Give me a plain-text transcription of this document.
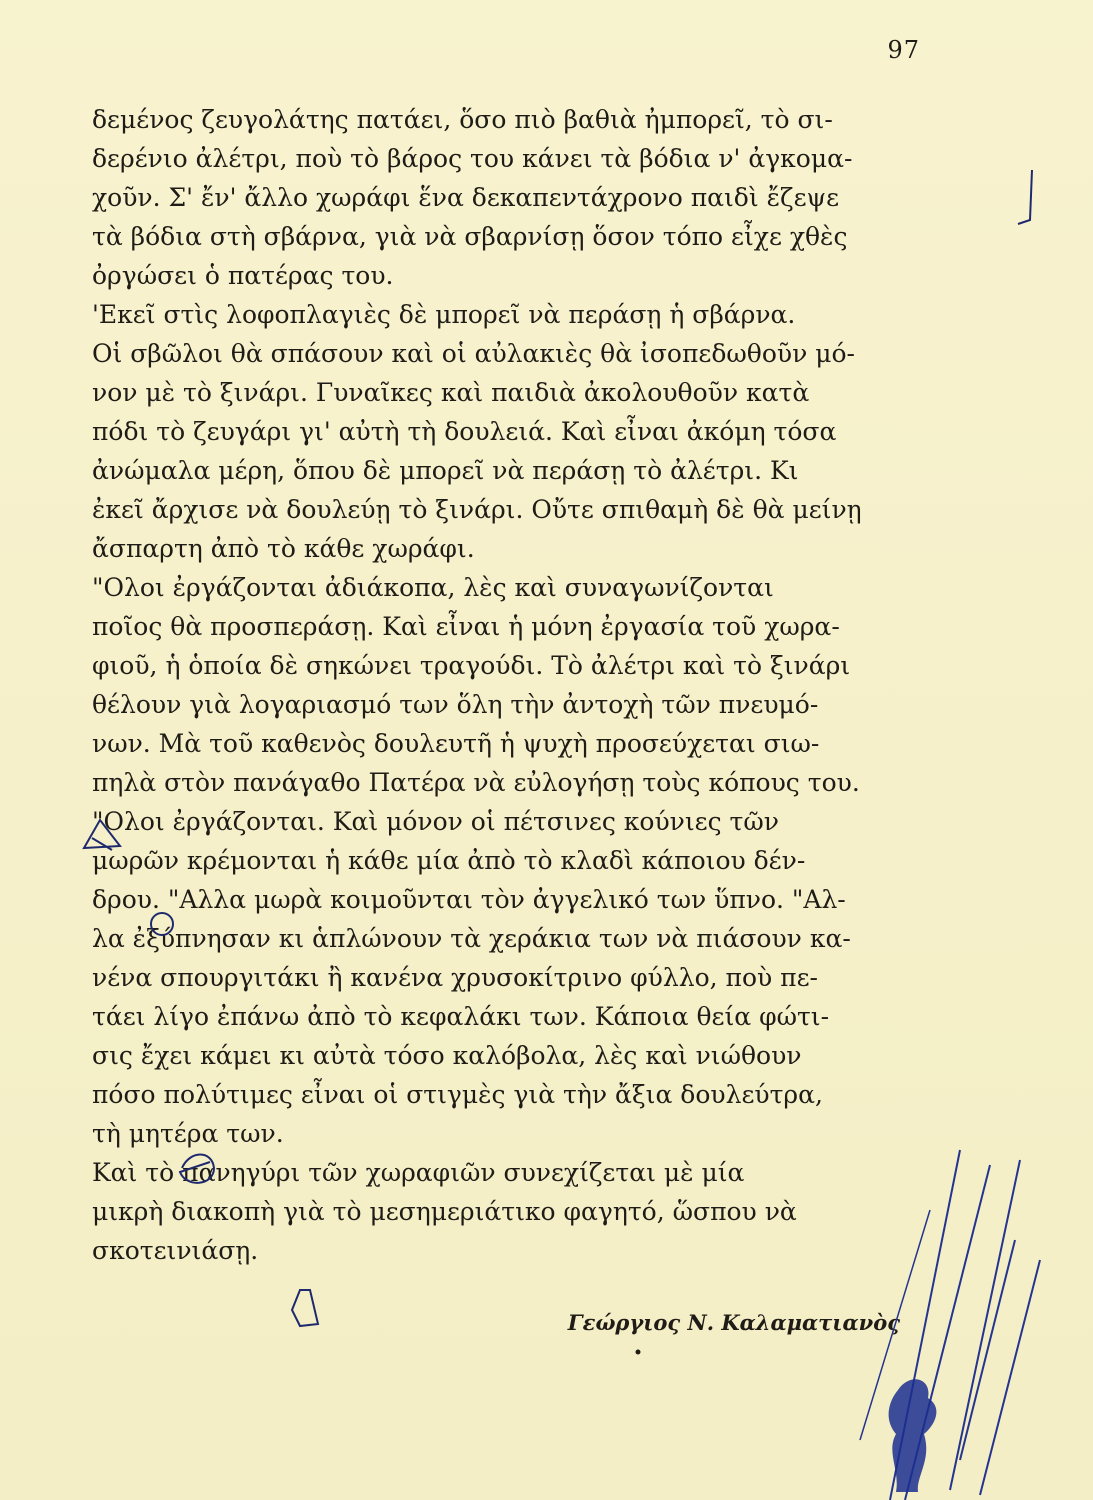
97
δεμένος ζευγολάτης πατάει, ὅσο πιὸ βαθιὰ ἠμπορεῖ, τὸ σι-
δερένιο ἀλέτρι, ποὺ τὸ βάρος του κάνει τὰ βόδια ν' ἀγκομα-
χοῦν. Σ' ἔν' ἄλλο χωράφι ἕνα δεκαπεντάχρονο παιδὶ ἔζεψε
τὰ βόδια στὴ σβάρνα, γιὰ νὰ σβαρνίσῃ ὅσον τόπο εἶχε χθὲς
ὀργώσει ὁ πατέρας του.
'Εκεῖ στὶς λοφοπλαγιὲς δὲ μπορεῖ νὰ περάσῃ ἡ σβάρνα.
Οἱ σβῶλοι θὰ σπάσουν καὶ οἱ αὐλακιὲς θὰ ἰσοπεδωθοῦν μό-
νον μὲ τὸ ξινάρι. Γυναῖκες καὶ παιδιὰ ἀκολουθοῦν κατὰ
πόδι τὸ ζευγάρι γι' αὐτὴ τὴ δουλειά. Καὶ εἶναι ἀκόμη τόσα
ἀνώμαλα μέρη, ὅπου δὲ μπορεῖ νὰ περάσῃ τὸ ἀλέτρι. Κι
ἐκεῖ ἄρχισε νὰ δουλεύῃ τὸ ξινάρι. Οὔτε σπιθαμὴ δὲ θὰ μείνῃ
ἄσπαρτη ἀπὸ τὸ κάθε χωράφι.
"Ολοι ἐργάζονται ἀδιάκοπα, λὲς καὶ συναγωνίζονται
ποῖος θὰ προσπεράσῃ. Καὶ εἶναι ἡ μόνη ἐργασία τοῦ χωρα-
φιοῦ, ἡ ὁποία δὲ σηκώνει τραγούδι. Τὸ ἀλέτρι καὶ τὸ ξινάρι
θέλουν γιὰ λογαριασμό των ὅλη τὴν ἀντοχὴ τῶν πνευμό-
νων. Μὰ τοῦ καθενὸς δουλευτῆ ἡ ψυχὴ προσεύχεται σιω-
πηλὰ στὸν πανάγαθο Πατέρα νὰ εὐλογήσῃ τοὺς κόπους του.
"Ολοι ἐργάζονται. Καὶ μόνον οἱ πέτσινες κούνιες τῶν
μωρῶν κρέμονται ἡ κάθε μία ἀπὸ τὸ κλαδὶ κάποιου δέν-
δρου. "Αλλα μωρὰ κοιμοῦνται τὸν ἀγγελικό των ὕπνο. "Αλ-
λα ἐξύπνησαν κι ἁπλώνουν τὰ χεράκια των νὰ πιάσουν κα-
νένα σπουργιτάκι ἢ κανένα χρυσοκίτρινο φύλλο, ποὺ πε-
τάει λίγο ἐπάνω ἀπὸ τὸ κεφαλάκι των. Κάποια θεία φώτι-
σις ἔχει κάμει κι αὐτὰ τόσο καλόβολα, λὲς καὶ νιώθουν
πόσο πολύτιμες εἶναι οἱ στιγμὲς γιὰ τὴν ἄξια δουλεύτρα,
τὴ μητέρα των.
Καὶ τὸ πανηγύρι τῶν χωραφιῶν συνεχίζεται μὲ μία
μικρὴ διακοπὴ γιὰ τὸ μεσημεριάτικο φαγητό, ὥσπου νὰ
σκοτεινιάσῃ.
Γεώργιος Ν. Καλαματιανὸς
